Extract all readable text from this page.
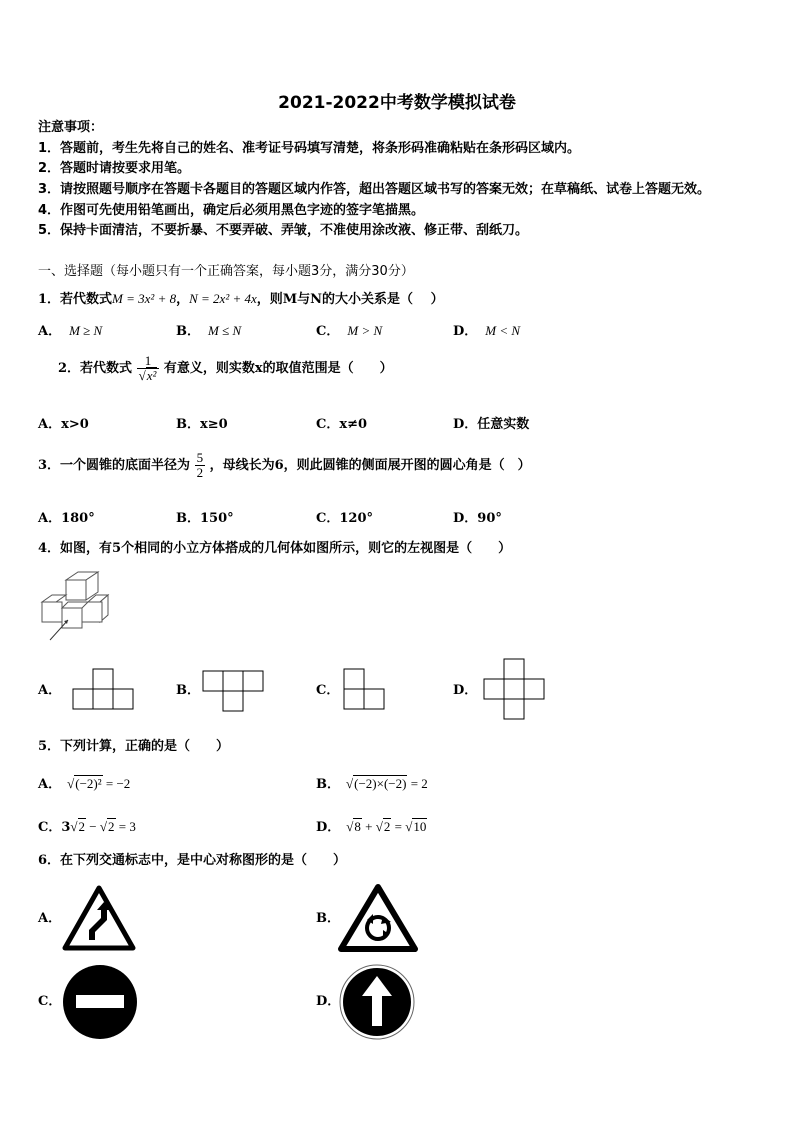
2021-2022中考数学模拟试卷
注意事项：
1．答题前，考生先将自己的姓名、准考证号码填写清楚，将条形码准确粘贴在条形码区域内。
2．答题时请按要求用笔。
3．请按照题号顺序在答题卡各题目的答题区域内作答，超出答题区域书写的答案无效；在草稿纸、试卷上答题无效。
4．作图可先使用铅笔画出，确定后必须用黑色字迹的签字笔描黑。
5．保持卡面清洁，不要折暴、不要弄破、弄皱，不准使用涂改液、修正带、刮纸刀。
一、选择题（每小题只有一个正确答案，每小题3分，满分30分）
1．若代数式M = 3x² + 8，N = 2x² + 4x，则M与N的大小关系是（　 ）
A． M ≥ N	B． M ≤ N	C． M > N	D． M < N
2．若代数式 $\frac{1}{\text{√x²}}$ 有意义，则实数x的取值范围是（　　）
A．x>0	B．x≥0	C．x≠0	D．任意实数
3．一个圆锥的底面半径为 $\frac{5}{2}$ ，母线长为6，则此圆锥的侧面展开图的圆心角是（　）
A．180°	B．150°	C．120°	D．90°
4．如图，有5个相同的小立方体搭成的几何体如图所示，则它的左视图是（　　）
A．	B．	C．	D．
5．下列计算，正确的是（　　）
A． √(−2)² = −2	B． √(−2)×(−2) = 2
C．3√2 − √2 = 3	D． √8 + √2 = √10
6．在下列交通标志中，是中心对称图形的是（　　）
A．	B．
C．	D．
